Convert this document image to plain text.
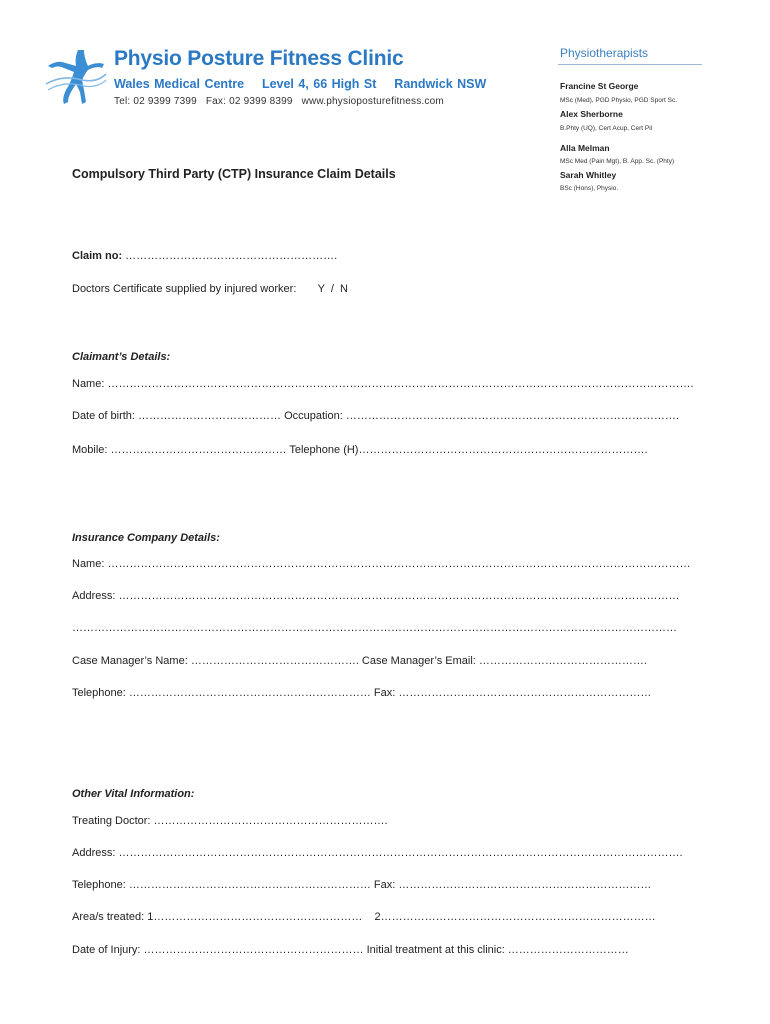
Physio Posture Fitness Clinic
Wales Medical Centre    Level 4, 66 High St    Randwick NSW
Tel: 02 9399 7399   Fax: 02 9399 8399   www.physioposturefitness.com
Physiotherapists
Francine St George
MSc (Med), PGD Physio, PGD Sport Sc.
Alex Sherborne
B.Phty (UQ), Cert Acup, Cert Pil
Alla Melman
MSc Med (Pain Mgt), B. App. Sc. (Phty)
Sarah Whitley
BSc (Hons), Physio.
Compulsory Third Party (CTP) Insurance Claim Details
Claim no: ………………………………………………….
Doctors Certificate supplied by injured worker:       Y  /  N
Claimant’s Details:
Name: …………………………………………………………………………………………………………………………………………….
Date of birth: ………………………………… Occupation: ……………………………………………………………………………….
Mobile: ………………………………………… Telephone (H)…………………………………………………………………….
Insurance Company Details:
Name: ……………………………………………………………………………………………………………………………………………
Address: ………………………………………………………………………………………………………………………………………
…………………………………………………………………………………………………………………………………………………
Case Manager’s Name: ………………………………………. Case Manager’s Email: ……………………………………….
Telephone: ………………………………………………………… Fax: ……………………………………………………………
Other Vital Information:
Treating Doctor: ……………………………………………………….
Address: ……………………………………………………………………………………………………………………………………….
Telephone: ………………………………………………………… Fax: ……………………………………………………………
Area/s treated: 1…………………………………………………    2…………………………………………………………………
Date of Injury: …………………………………………………… Initial treatment at this clinic: ……………………………
